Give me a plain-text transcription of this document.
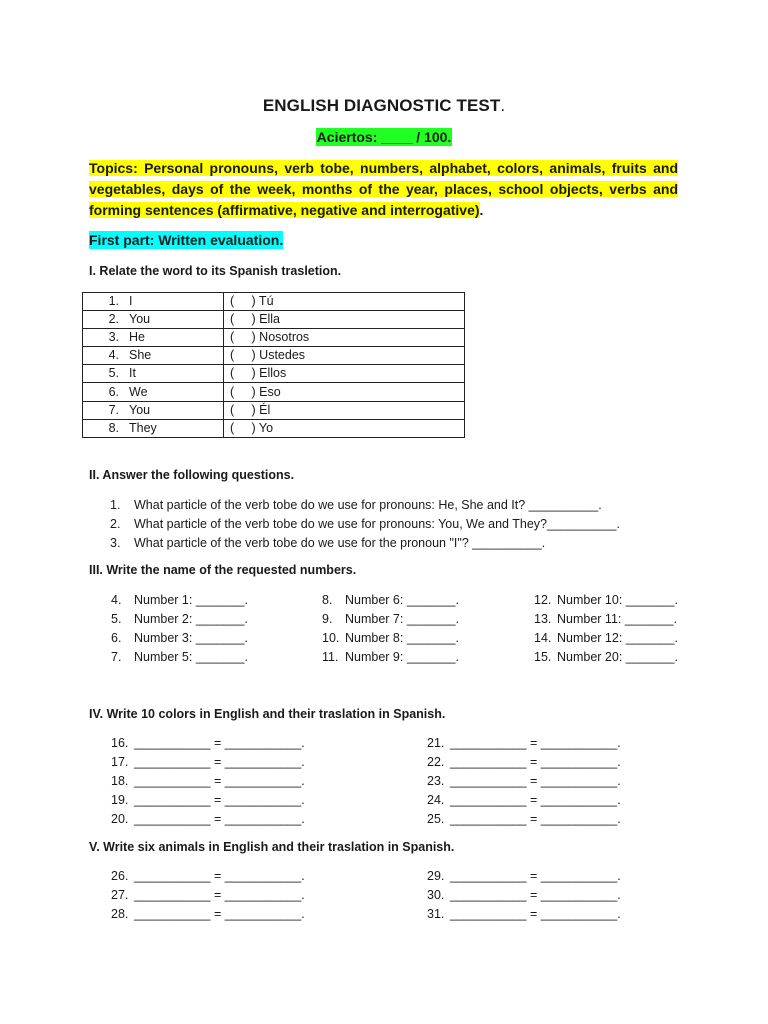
ENGLISH DIAGNOSTIC TEST.
Aciertos: ____ / 100.
Topics: Personal pronouns, verb tobe, numbers, alphabet, colors, animals, fruits and vegetables, days of the week, months of the year, places, school objects, verbs and forming sentences (affirmative, negative and interrogative).
First part: Written evaluation.
I. Relate the word to its Spanish trasletion.
1. I	(     ) Tú
2. You	(     ) Ella
3. He	(     ) Nosotros
4. She	(     ) Ustedes
5. It	(     ) Ellos
6. We	(     ) Eso
7. You	(     ) Él
8. They	(     ) Yo
II. Answer the following questions.
1. What particle of the verb tobe do we use for pronouns: He, She and It? __________.
2. What particle of the verb tobe do we use for pronouns: You, We and They?__________.
3. What particle of the verb tobe do we use for the pronoun "I"? __________.
III. Write the name of the requested numbers.
4. Number 1: _______.
5. Number 2: _______.
6. Number 3: _______.
7. Number 5: _______.
8. Number 6: _______.
9. Number 7: _______.
10. Number 8: _______.
11. Number 9: _______.
12. Number 10: _______.
13. Number 11: _______.
14. Number 12: _______.
15. Number 20: _______.
IV. Write 10 colors in English and their traslation in Spanish.
16. ___________ = ___________.
17. ___________ = ___________.
18. ___________ = ___________.
19. ___________ = ___________.
20. ___________ = ___________.
21. ___________ = ___________.
22. ___________ = ___________.
23. ___________ = ___________.
24. ___________ = ___________.
25. ___________ = ___________.
V. Write six animals in English and their traslation in Spanish.
26. ___________ = ___________.
27. ___________ = ___________.
28. ___________ = ___________.
29. ___________ = ___________.
30. ___________ = ___________.
31. ___________ = ___________.
